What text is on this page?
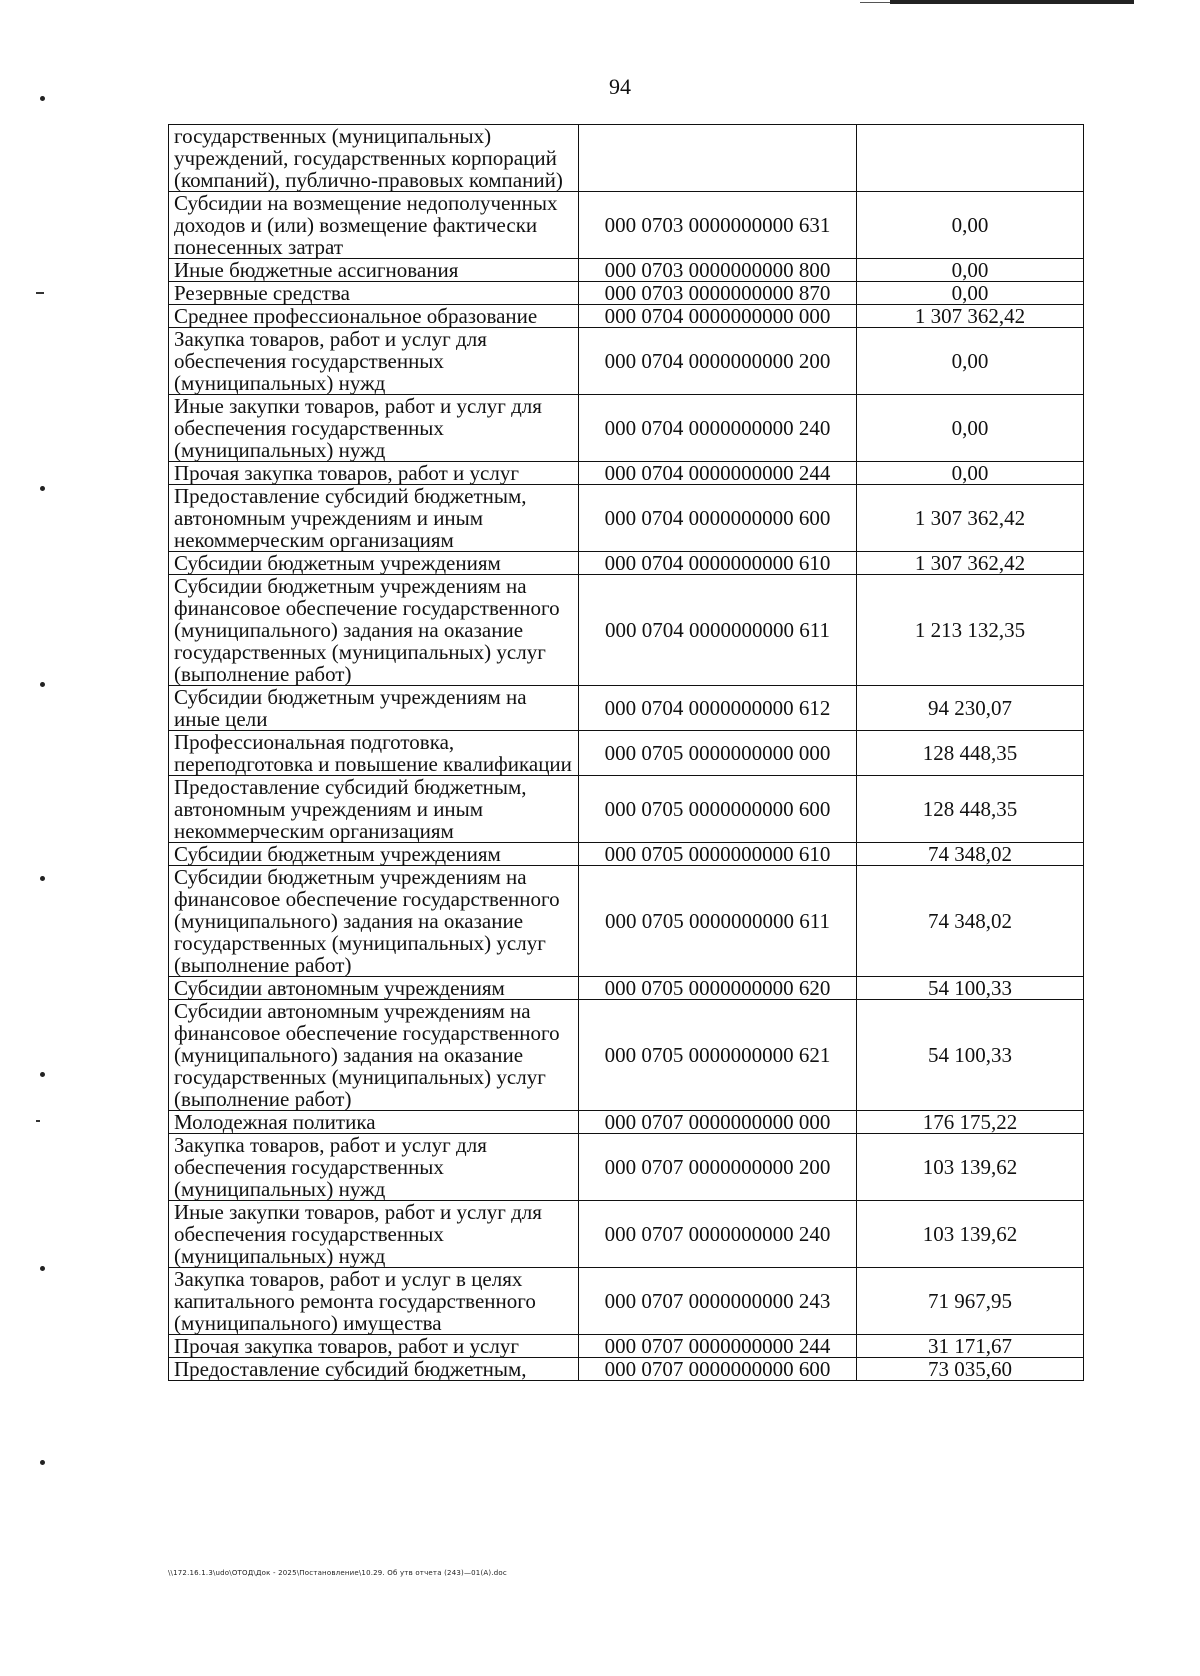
94
государственных (муниципальных) учреждений, государственных корпораций (компаний), публично-правовых компаний)		
Субсидии на возмещение недополученных доходов и (или) возмещение фактически понесенных затрат	000 0703 0000000000 631	0,00
Иные бюджетные ассигнования	000 0703 0000000000 800	0,00
Резервные средства	000 0703 0000000000 870	0,00
Среднее профессиональное образование	000 0704 0000000000 000	1 307 362,42
Закупка товаров, работ и услуг для обеспечения государственных (муниципальных) нужд	000 0704 0000000000 200	0,00
Иные закупки товаров, работ и услуг для обеспечения государственных (муниципальных) нужд	000 0704 0000000000 240	0,00
Прочая закупка товаров, работ и услуг	000 0704 0000000000 244	0,00
Предоставление субсидий бюджетным, автономным учреждениям и иным некоммерческим организациям	000 0704 0000000000 600	1 307 362,42
Субсидии бюджетным учреждениям	000 0704 0000000000 610	1 307 362,42
Субсидии бюджетным учреждениям на финансовое обеспечение государственного (муниципального) задания на оказание государственных (муниципальных) услуг (выполнение работ)	000 0704 0000000000 611	1 213 132,35
Субсидии бюджетным учреждениям на иные цели	000 0704 0000000000 612	94 230,07
Профессиональная подготовка, переподготовка и повышение квалификации	000 0705 0000000000 000	128 448,35
Предоставление субсидий бюджетным, автономным учреждениям и иным некоммерческим организациям	000 0705 0000000000 600	128 448,35
Субсидии бюджетным учреждениям	000 0705 0000000000 610	74 348,02
Субсидии бюджетным учреждениям на финансовое обеспечение государственного (муниципального) задания на оказание государственных (муниципальных) услуг (выполнение работ)	000 0705 0000000000 611	74 348,02
Субсидии автономным учреждениям	000 0705 0000000000 620	54 100,33
Субсидии автономным учреждениям на финансовое обеспечение государственного (муниципального) задания на оказание государственных (муниципальных) услуг (выполнение работ)	000 0705 0000000000 621	54 100,33
Молодежная политика	000 0707 0000000000 000	176 175,22
Закупка товаров, работ и услуг для обеспечения государственных (муниципальных) нужд	000 0707 0000000000 200	103 139,62
Иные закупки товаров, работ и услуг для обеспечения государственных (муниципальных) нужд	000 0707 0000000000 240	103 139,62
Закупка товаров, работ и услуг в целях капитального ремонта государственного (муниципального) имущества	000 0707 0000000000 243	71 967,95
Прочая закупка товаров, работ и услуг	000 0707 0000000000 244	31 171,67
Предоставление субсидий бюджетным,	000 0707 0000000000 600	73 035,60
\\172.16.1.3\udo\OTOД\Док - 2025\Постановление\10.29. Об утв отчета (243)—01(А).doc
